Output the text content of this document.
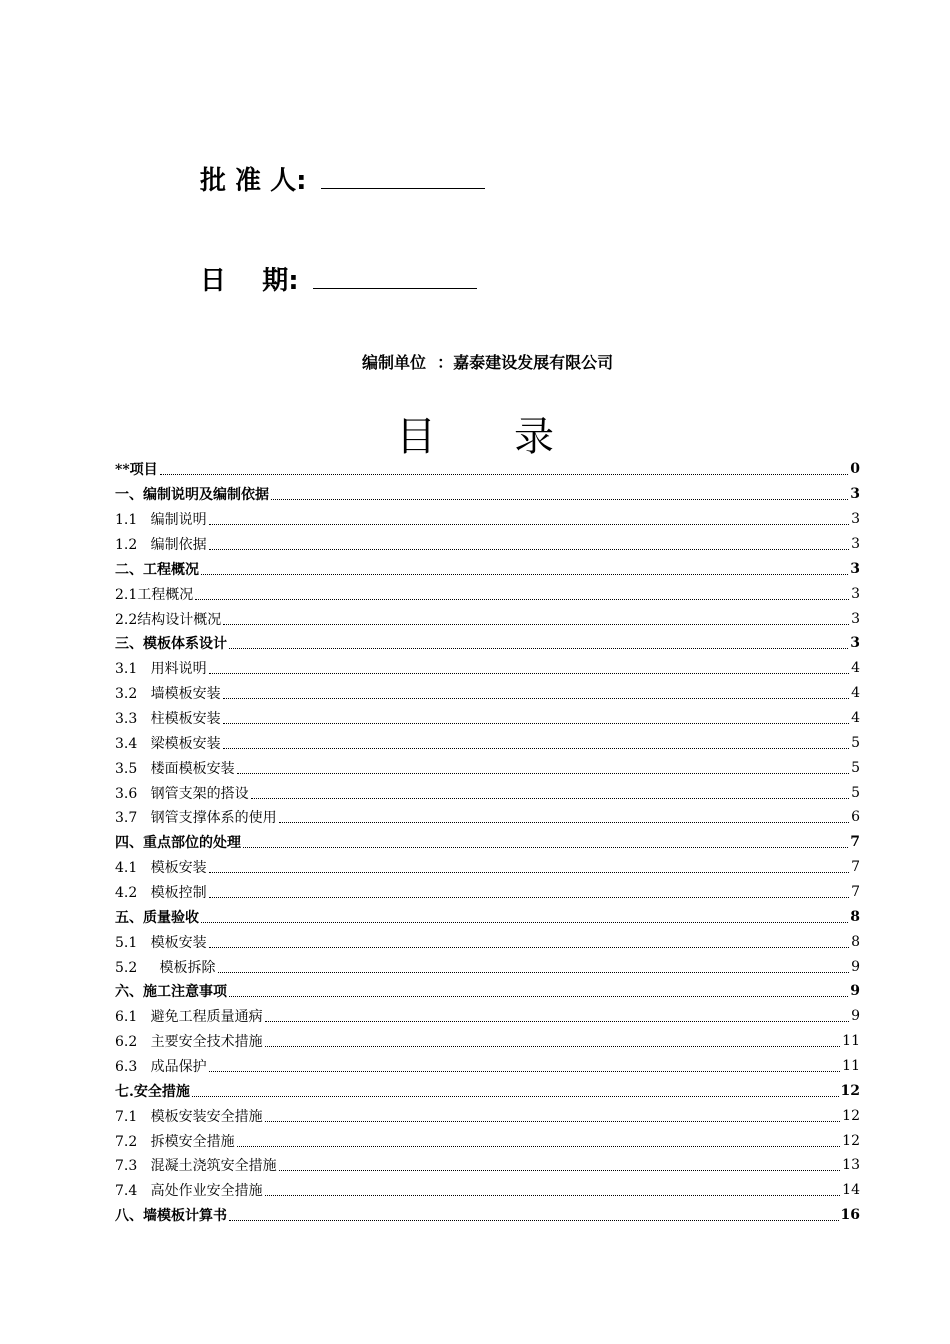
批 准 人:
日    期:
编制单位  ：嘉泰建设发展有限公司
目录
**项目	0
一、编制说明及编制依据	3
1.1   编制说明	3
1.2   编制依据	3
二、工程概况	3
2.1工程概况	3
2.2结构设计概况	3
三、模板体系设计	3
3.1   用料说明	4
3.2   墙模板安装	4
3.3   柱模板安装	4
3.4   梁模板安装	5
3.5   楼面模板安装	5
3.6   钢管支架的搭设	5
3.7   钢管支撑体系的使用	6
四、重点部位的处理	7
4.1   模板安装	7
4.2   模板控制	7
五、质量验收	8
5.1   模板安装	8
5.2     模板拆除	9
六、施工注意事项	9
6.1   避免工程质量通病	9
6.2   主要安全技术措施	11
6.3   成品保护	11
七.安全措施	12
7.1   模板安装安全措施	12
7.2   拆模安全措施	12
7.3   混凝土浇筑安全措施	13
7.4   高处作业安全措施	14
八、墙模板计算书	16
